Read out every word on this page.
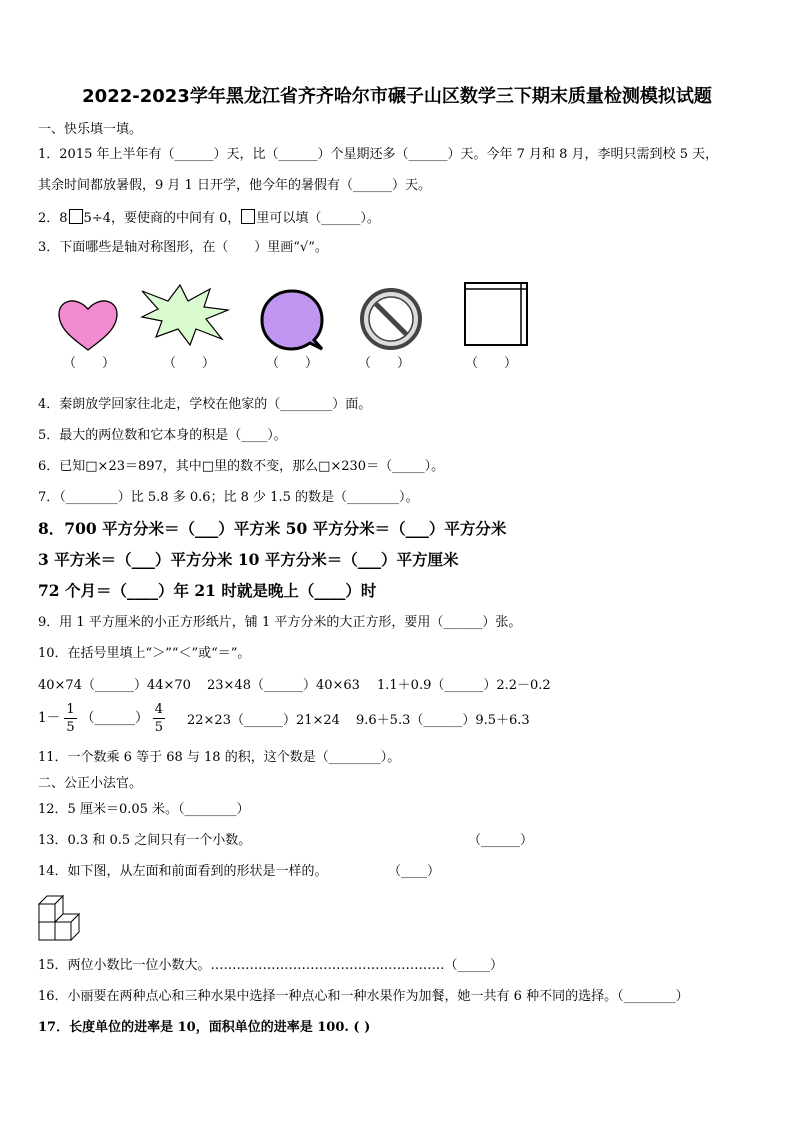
2022-2023学年黑龙江省齐齐哈尔市碾子山区数学三下期末质量检测模拟试题
一、快乐填一填。
1．2015 年上半年有（______）天，比（______）个星期还多（______）天。今年 7 月和 8 月，李明只需到校 5 天，
其余时间都放暑假，9 月 1 日开学，他今年的暑假有（______）天。
2．8 5÷4，要使商的中间有 0， 里可以填（______）。
3．下面哪些是轴对称图形，在（　　）里画“√”。
（　　）	（　　）	（　　）	（　　）	（　　）
4．秦朗放学回家往北走，学校在他家的（________）面。
5．最大的两位数和它本身的积是（____）。
6．已知□×23＝897，其中□里的数不变，那么□×230＝（_____）。
7．（________）比 5.8 多 0.6；比 8 少 1.5 的数是（________）。
8．700 平方分米＝（___）平方米 50 平方分米＝（___）平方分米
3 平方米＝（___）平方分米 10 平方分米＝（___）平方厘米
72 个月＝（____）年 21 时就是晚上（____）时
9．用 1 平方厘米的小正方形纸片，铺 1 平方分米的大正方形，要用（______）张。
10．在括号里填上“＞”“＜”或“＝”。
40×74（______）44×70 23×48（______）40×63 1.1＋0.9（______）2.2－0.2
$1- \frac{1}{5}$ （______） $\frac{4}{5}$ 22×23（______）21×24 9.6＋5.3（______）9.5＋6.3
11．一个数乘 6 等于 68 与 18 的积，这个数是（________）。
二、公正小法官。
12．5 厘米＝0.05 米。（________）
13．0.3 和 0.5 之间只有一个小数。	（______）
14．如下图，从左面和前面看到的形状是一样的。	（____）
15．两位小数比一位小数大。………………………………………………（_____）
16．小丽要在两种点心和三种水果中选择一种点心和一种水果作为加餐，她一共有 6 种不同的选择。（________）
17．长度单位的进率是 10，面积单位的进率是 100. ( )
